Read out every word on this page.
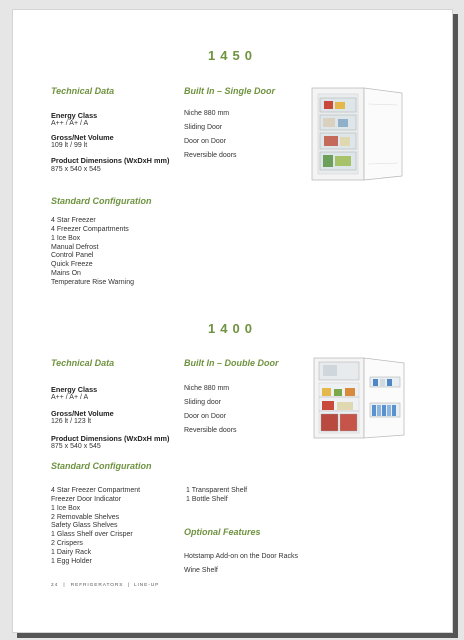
1450
Technical Data
Energy Class
A++ / A+ / A
Gross/Net Volume
109 lt / 99 lt
Product Dimensions (WxDxH mm)
875 x 540 x 545
Built In – Single Door
Niche 880 mm
Sliding Door
Door on Door
Reversible doors
Standard Configuration
4 Star Freezer
4 Freezer Compartments
1 Ice Box
Manual Defrost
Control Panel
Quick Freeze
Mains On
Temperature Rise Warning
1400
Technical Data
Energy Class
A++ / A+ / A
Gross/Net Volume
126 lt / 123 lt
Product Dimensions (WxDxH mm)
875 x 540 x 545
Built In – Double Door
Niche 880 mm
Sliding door
Door on Door
Reversible doors
Standard Configuration
4 Star Freezer Compartment
Freezer Door Indicator
1 Ice Box
2 Removable Shelves
Safety Glass Shelves
1 Glass Shelf over Crisper
2 Crispers
1 Dairy Rack
1 Egg Holder
1 Transparent Shelf
1 Bottle Shelf
Optional Features
Hotstamp Add-on on the Door Racks
Wine Shelf
24 | REFRIGERATORS | LINE-UP
